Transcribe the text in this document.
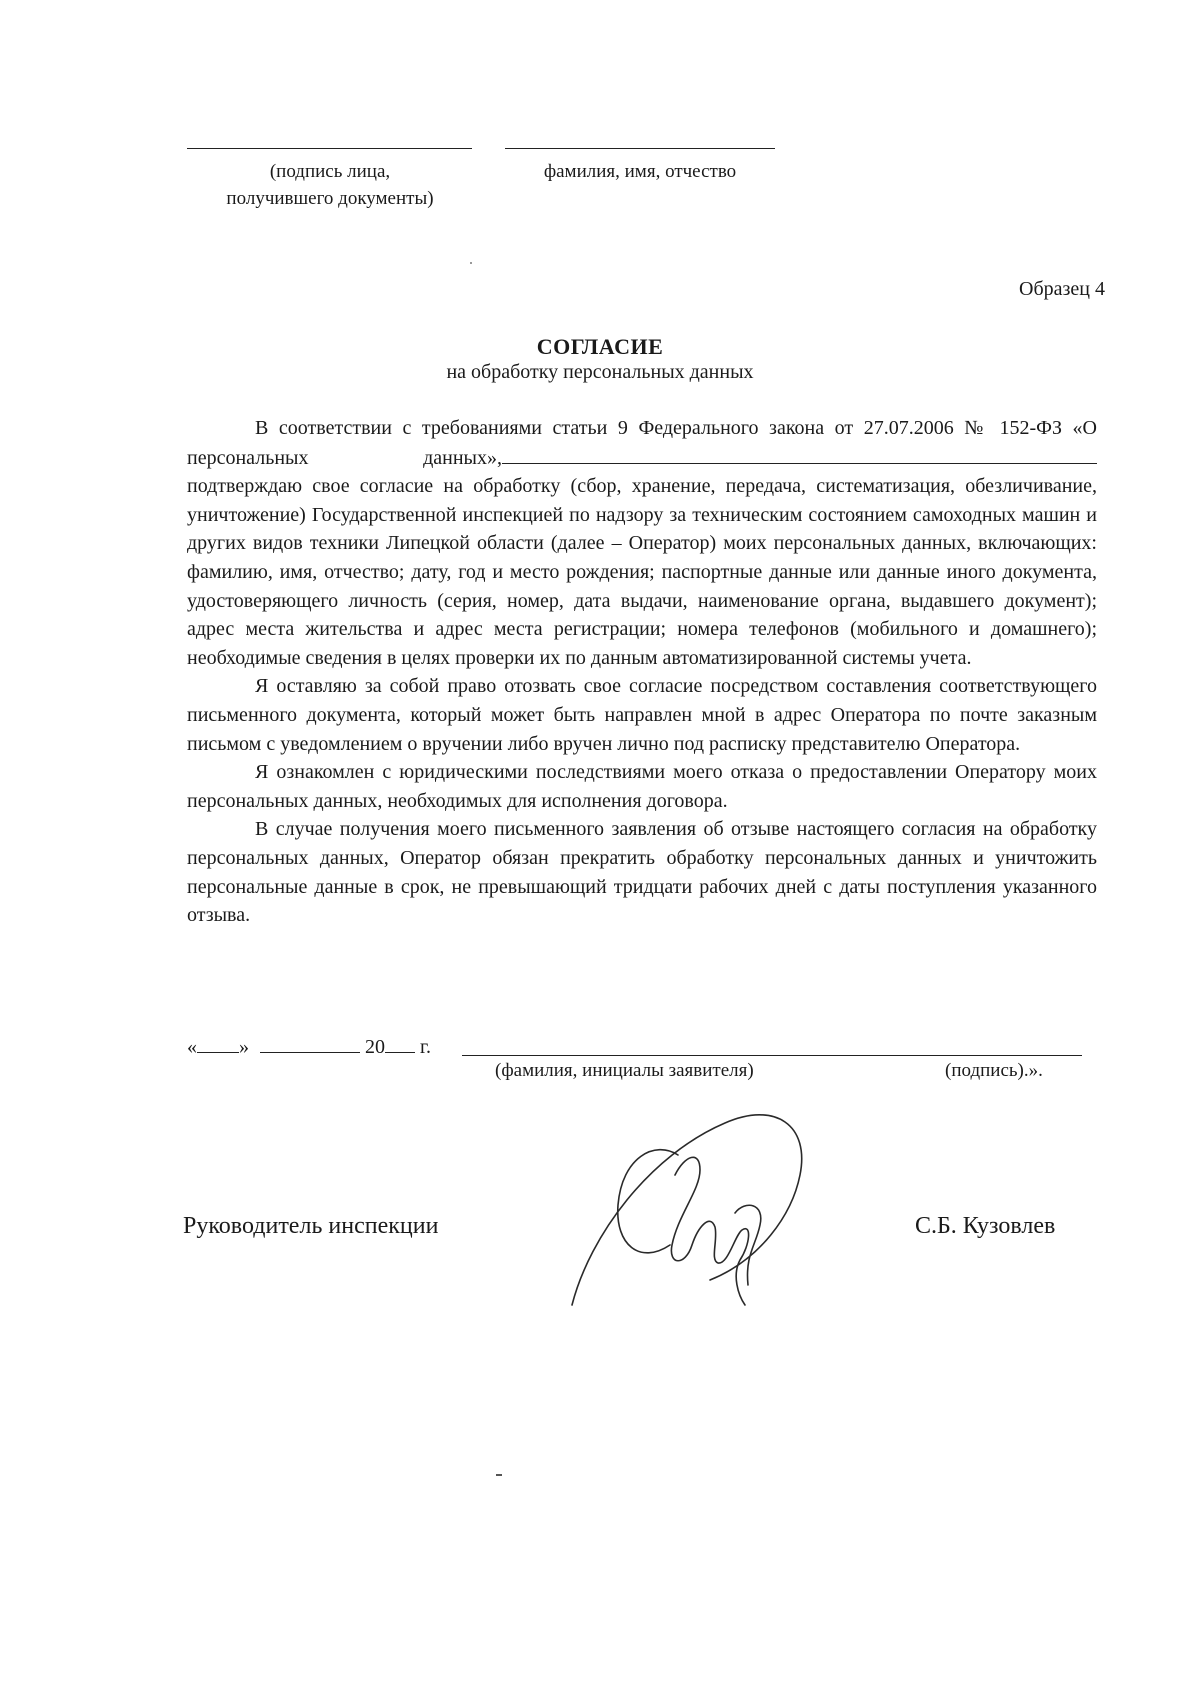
(подпись лица,
получившего документы)
фамилия, имя, отчество
Образец 4
СОГЛАСИЕ
на обработку персональных данных

В соответствии с требованиями статьи 9 Федерального закона от 27.07.2006 № 152-ФЗ «О персональных данных», подтверждаю свое согласие на обработку (сбор, хранение, передача, систематизация, обезличивание, уничтожение) Государственной инспекцией по надзору за техническим состоянием самоходных машин и других видов техники Липецкой области (далее – Оператор) моих персональных данных, включающих: фамилию, имя, отчество; дату, год и место рождения; паспортные данные или данные иного документа, удостоверяющего личность (серия, номер, дата выдачи, наименование органа, выдавшего документ); адрес места жительства и адрес места регистрации; номера телефонов (мобильного и домашнего); необходимые сведения в целях проверки их по данным автоматизированной системы учета.

Я оставляю за собой право отозвать свое согласие посредством составления соответствующего письменного документа, который может быть направлен мной в адрес Оператора по почте заказным письмом с уведомлением о вручении либо вручен лично под расписку представителю Оператора.

Я ознакомлен с юридическими последствиями моего отказа о предоставлении Оператору моих персональных данных, необходимых для исполнения договора.

В случае получения моего письменного заявления об отзыве настоящего согласия на обработку персональных данных, Оператор обязан прекратить обработку персональных данных и уничтожить персональные данные в срок, не превышающий тридцати рабочих дней с даты поступления указанного отзыва.

« »	20 г.
(фамилия, инициалы заявителя)	(подпись).».
Руководитель инспекции	С.Б. Кузовлев
